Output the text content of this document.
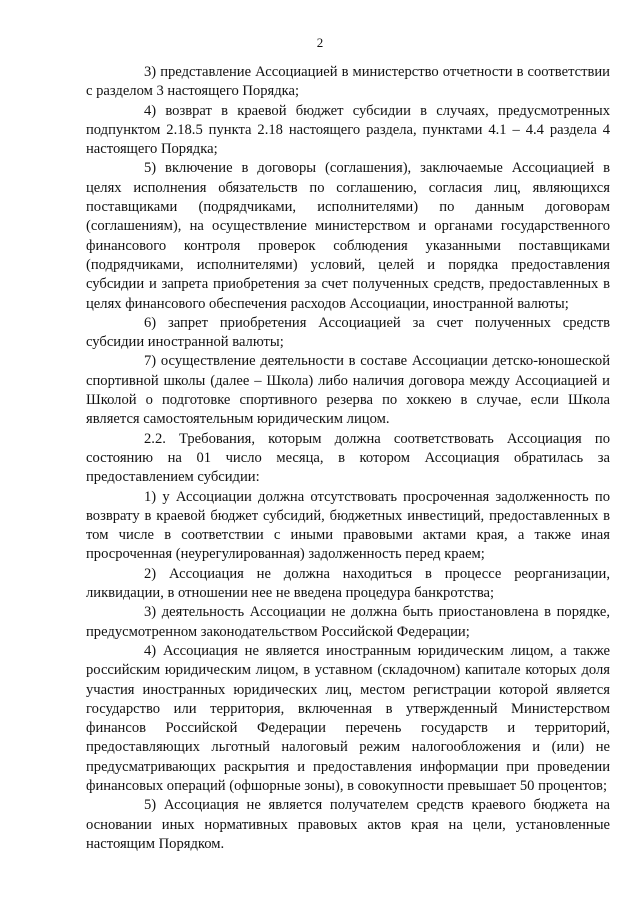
2

3) представление Ассоциацией в министерство отчетности в соответствии с разделом 3 настоящего Порядка;

4) возврат в краевой бюджет субсидии в случаях, предусмотренных подпунктом 2.18.5 пункта 2.18 настоящего раздела, пунктами 4.1 – 4.4 раздела 4 настоящего Порядка;

5) включение в договоры (соглашения), заключаемые Ассоциацией в целях исполнения обязательств по соглашению, согласия лиц, являющихся поставщиками (подрядчиками, исполнителями) по данным договорам (соглашениям), на осуществление министерством и органами государственного финансового контроля проверок соблюдения указанными поставщиками (подрядчиками, исполнителями) условий, целей и порядка предоставления субсидии и запрета приобретения за счет полученных средств, предоставленных в целях финансового обеспечения расходов Ассоциации, иностранной валюты;

6) запрет приобретения Ассоциацией за счет полученных средств субсидии иностранной валюты;

7) осуществление деятельности в составе Ассоциации детско-юношеской спортивной школы (далее – Школа) либо наличия договора между Ассоциацией и Школой о подготовке спортивного резерва по хоккею в случае, если Школа является самостоятельным юридическим лицом.

2.2. Требования, которым должна соответствовать Ассоциация по состоянию на 01 число месяца, в котором Ассоциация обратилась за предоставлением субсидии:

1) у Ассоциации должна отсутствовать просроченная задолженность по возврату в краевой бюджет субсидий, бюджетных инвестиций, предоставленных в том числе в соответствии с иными правовыми актами края, а также иная просроченная (неурегулированная) задолженность перед краем;

2) Ассоциация не должна находиться в процессе реорганизации, ликвидации, в отношении нее не введена процедура банкротства;

3) деятельность Ассоциации не должна быть приостановлена в порядке, предусмотренном законодательством Российской Федерации;

4) Ассоциация не является иностранным юридическим лицом, а также российским юридическим лицом, в уставном (складочном) капитале которых доля участия иностранных юридических лиц, местом регистрации которой является государство или территория, включенная в утвержденный Министерством финансов Российской Федерации перечень государств и территорий, предоставляющих льготный налоговый режим налогообложения и (или) не предусматривающих раскрытия и предоставления информации при проведении финансовых операций (офшорные зоны), в совокупности превышает 50 процентов;

5) Ассоциация не является получателем средств краевого бюджета на основании иных нормативных правовых актов края на цели, установленные настоящим Порядком.
